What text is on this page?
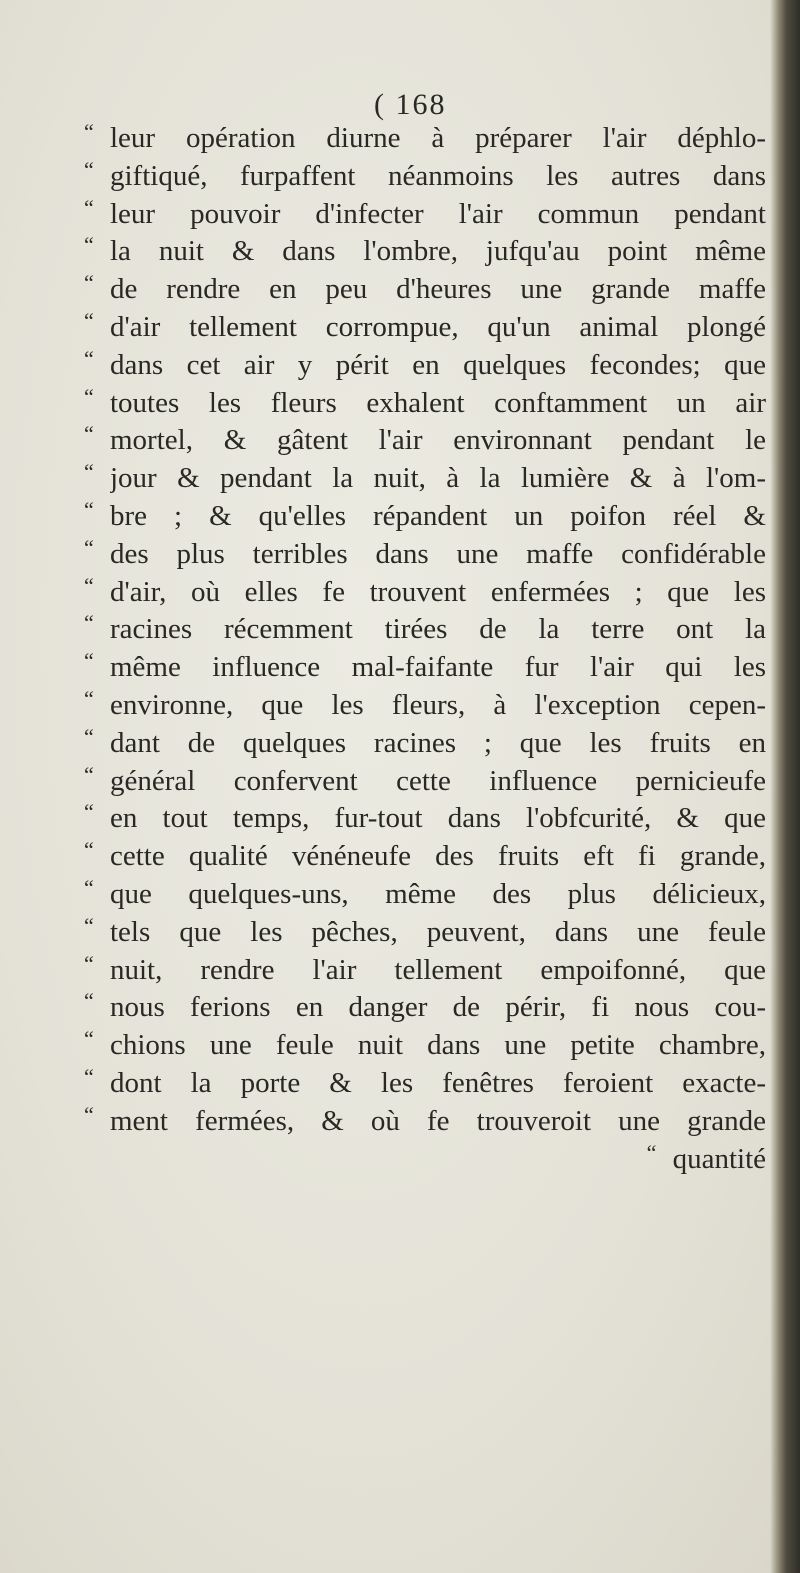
( 168
“ leur opération diurne à préparer l'air déphlo-
“ giftiqué, furpaffent néanmoins les autres dans
“ leur pouvoir d'infecter l'air commun pendant
“ la nuit & dans l'ombre, jufqu'au point même
“ de rendre en peu d'heures une grande maffe
“ d'air tellement corrompue, qu'un animal plongé
“ dans cet air y périt en quelques fecondes; que
“ toutes les fleurs exhalent conftamment un air
“ mortel, & gâtent l'air environnant pendant le
“ jour & pendant la nuit, à la lumière & à l'om-
“ bre ; & qu'elles répandent un poifon réel &
“ des plus terribles dans une maffe confidérable
“ d'air, où elles fe trouvent enfermées ; que les
“ racines récemment tirées de la terre ont la
“ même influence mal-faifante fur l'air qui les
“ environne, que les fleurs, à l'exception cepen-
“ dant de quelques racines ; que les fruits en
“ général confervent cette influence pernicieufe
“ en tout temps, fur-tout dans l'obfcurité, & que
“ cette qualité vénéneufe des fruits eft fi grande,
“ que quelques-uns, même des plus délicieux,
“ tels que les pêches, peuvent, dans une feule
“ nuit, rendre l'air tellement empoifonné, que
“ nous ferions en danger de périr, fi nous cou-
“ chions une feule nuit dans une petite chambre,
“ dont la porte & les fenêtres feroient exacte-
“ ment fermées, & où fe trouveroit une grande
“ quantité
